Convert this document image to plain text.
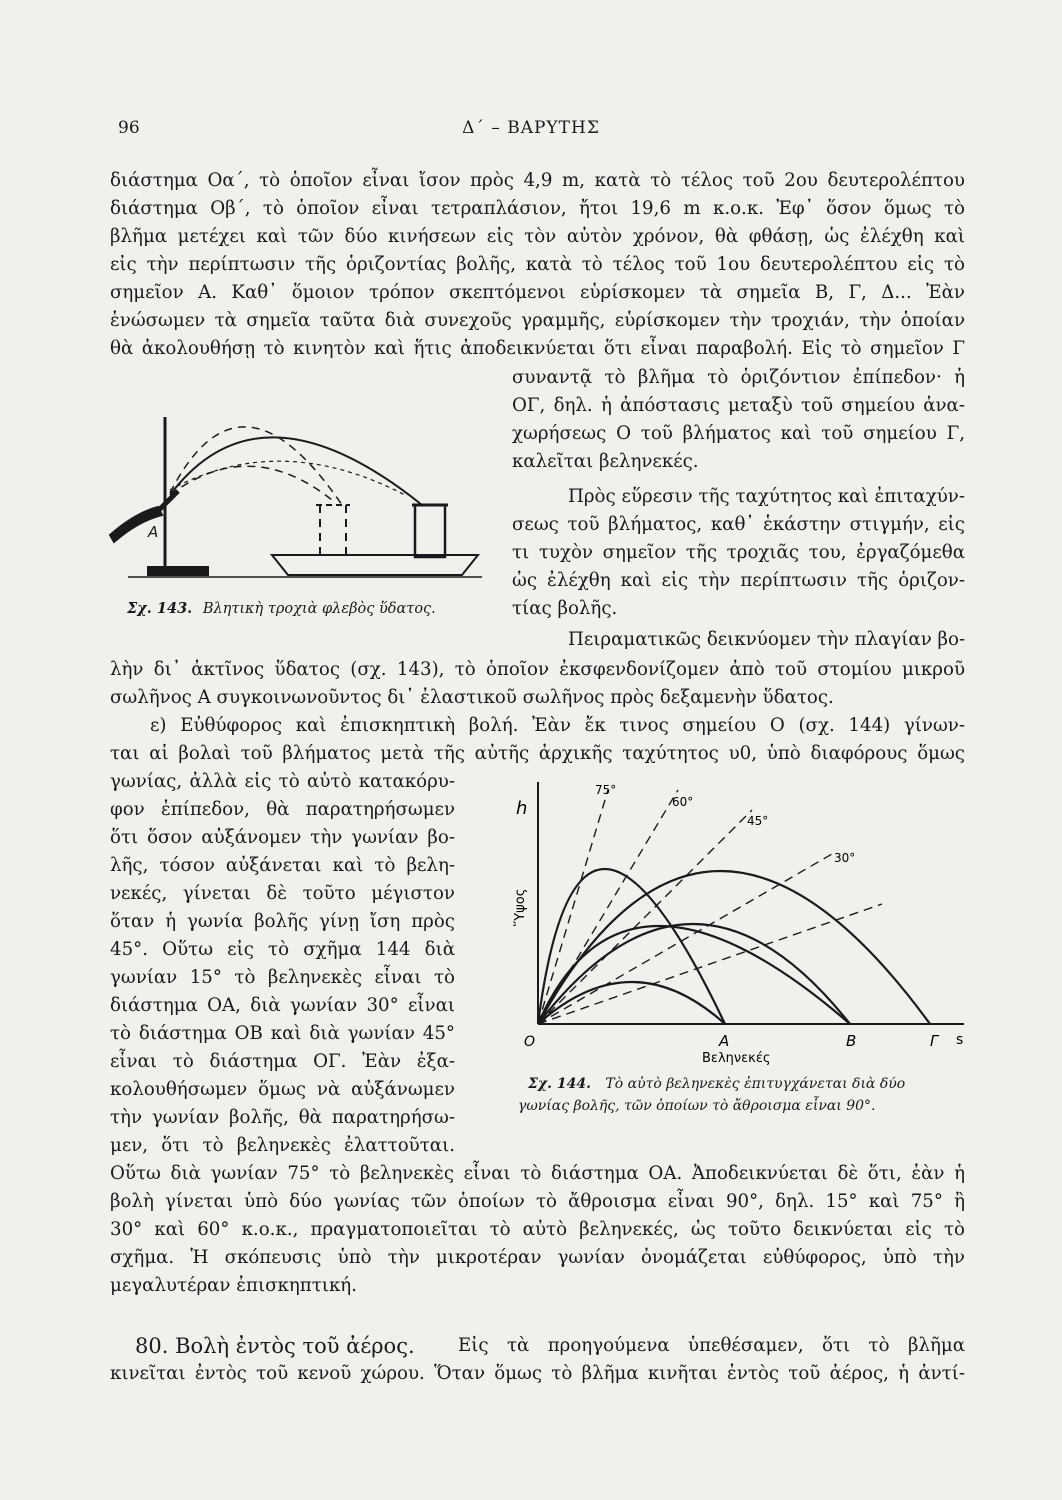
96	Δ΄ – ΒΑΡΥΤΗΣ
διάστημα Οα΄, τὸ ὁποῖον εἶναι ἴσον πρὸς 4,9 m, κατὰ τὸ τέλος τοῦ 2ου δευτερολέπτου
διάστημα Οβ΄, τὸ ὁποῖον εἶναι τετραπλάσιον, ἤτοι 19,6 m κ.ο.κ. Ἐφ᾽ ὅσον ὅμως τὸ
βλῆμα μετέχει καὶ τῶν δύο κινήσεων εἰς τὸν αὐτὸν χρόνον, θὰ φθάσῃ, ὡς ἐλέχθη καὶ
εἰς τὴν περίπτωσιν τῆς ὁριζοντίας βολῆς, κατὰ τὸ τέλος τοῦ 1ου δευτερολέπτου εἰς τὸ
σημεῖον Α. Καθ᾽ ὅμοιον τρόπον σκεπτόμενοι εὑρίσκομεν τὰ σημεῖα Β, Γ, Δ... Ἐὰν
ἑνώσωμεν τὰ σημεῖα ταῦτα διὰ συνεχοῦς γραμμῆς, εὑρίσκομεν τὴν τροχιάν, τὴν ὁποίαν
θὰ ἀκολουθήσῃ τὸ κινητὸν καὶ ἥτις ἀποδεικνύεται ὅτι εἶναι παραβολή. Εἰς τὸ σημεῖον Γ
συναντᾷ τὸ βλῆμα τὸ ὁριζόντιον ἐπίπεδον· ἡ
ΟΓ, δηλ. ἡ ἀπόστασις μεταξὺ τοῦ σημείου ἀνα-
χωρήσεως Ο τοῦ βλήματος καὶ τοῦ σημείου Γ,
καλεῖται βεληνεκές.
Πρὸς εὕρεσιν τῆς ταχύτητος καὶ ἐπιταχύν-
σεως τοῦ βλήματος, καθ᾽ ἑκάστην στιγμήν, εἰς
τι τυχὸν σημεῖον τῆς τροχιᾶς του, ἐργαζόμεθα
ὡς ἐλέχθη καὶ εἰς τὴν περίπτωσιν τῆς ὁριζον-
τίας βολῆς.
Πειραματικῶς δεικνύομεν τὴν πλαγίαν βο-
Α
Σχ. 143. Βλητικὴ τροχιὰ φλεβὸς ὕδατος.
λὴν δι᾽ ἀκτῖνος ὕδατος (σχ. 143), τὸ ὁποῖον ἐκσφενδονίζομεν ἀπὸ τοῦ στομίου μικροῦ
σωλῆνος Α συγκοινωνοῦντος δι᾽ ἐλαστικοῦ σωλῆνος πρὸς δεξαμενὴν ὕδατος.
ε) Εὐθύφορος καὶ ἐπισκηπτικὴ βολή. Ἐὰν ἔκ τινος σημείου Ο (σχ. 144) γίνων-
ται αἱ βολαὶ τοῦ βλήματος μετὰ τῆς αὐτῆς ἀρχικῆς ταχύτητος υ0, ὑπὸ διαφόρους ὅμως
γωνίας, ἀλλὰ εἰς τὸ αὐτὸ κατακόρυ-
φον ἐπίπεδον, θὰ παρατηρήσωμεν
ὅτι ὅσον αὐξάνομεν τὴν γωνίαν βο-
λῆς, τόσον αὐξάνεται καὶ τὸ βελη-
νεκές, γίνεται δὲ τοῦτο μέγιστον
ὅταν ἡ γωνία βολῆς γίνῃ ἴση πρὸς
45°. Οὕτω εἰς τὸ σχῆμα 144 διὰ
γωνίαν 15° τὸ βεληνεκὲς εἶναι τὸ
διάστημα ΟΑ, διὰ γωνίαν 30° εἶναι
τὸ διάστημα ΟΒ καὶ διὰ γωνίαν 45°
εἶναι τὸ διάστημα ΟΓ. Ἐὰν ἐξα-
κολουθήσωμεν ὅμως νὰ αὐξάνωμεν
τὴν γωνίαν βολῆς, θὰ παρατηρήσω-
μεν, ὅτι τὸ βεληνεκὲς ἐλαττοῦται.
h
Ὕψος
O	A	B	Γ s
Βεληνεκές
75°
60°
45°
30°
Σχ. 144. Τὸ αὐτὸ βεληνεκὲς ἐπιτυγχάνεται διὰ δύο
γωνίας βολῆς, τῶν ὁποίων τὸ ἄθροισμα εἶναι 90°.
Οὕτω διὰ γωνίαν 75° τὸ βεληνεκὲς εἶναι τὸ διάστημα ΟΑ. Ἀποδεικνύεται δὲ ὅτι, ἐὰν ἡ
βολὴ γίνεται ὑπὸ δύο γωνίας τῶν ὁποίων τὸ ἄθροισμα εἶναι 90°, δηλ. 15° καὶ 75° ἢ
30° καὶ 60° κ.ο.κ., πραγματοποιεῖται τὸ αὐτὸ βεληνεκές, ὡς τοῦτο δεικνύεται εἰς τὸ
σχῆμα. Ἡ σκόπευσις ὑπὸ τὴν μικροτέραν γωνίαν ὀνομάζεται εὐθύφορος, ὑπὸ τὴν
μεγαλυτέραν ἐπισκηπτική.
80. Βολὴ ἐντὸς τοῦ ἀέρος. Εἰς τὰ προηγούμενα ὑπεθέσαμεν, ὅτι τὸ βλῆμα
κινεῖται ἐντὸς τοῦ κενοῦ χώρου. Ὅταν ὅμως τὸ βλῆμα κινῆται ἐντὸς τοῦ ἀέρος, ἡ ἀντί-
